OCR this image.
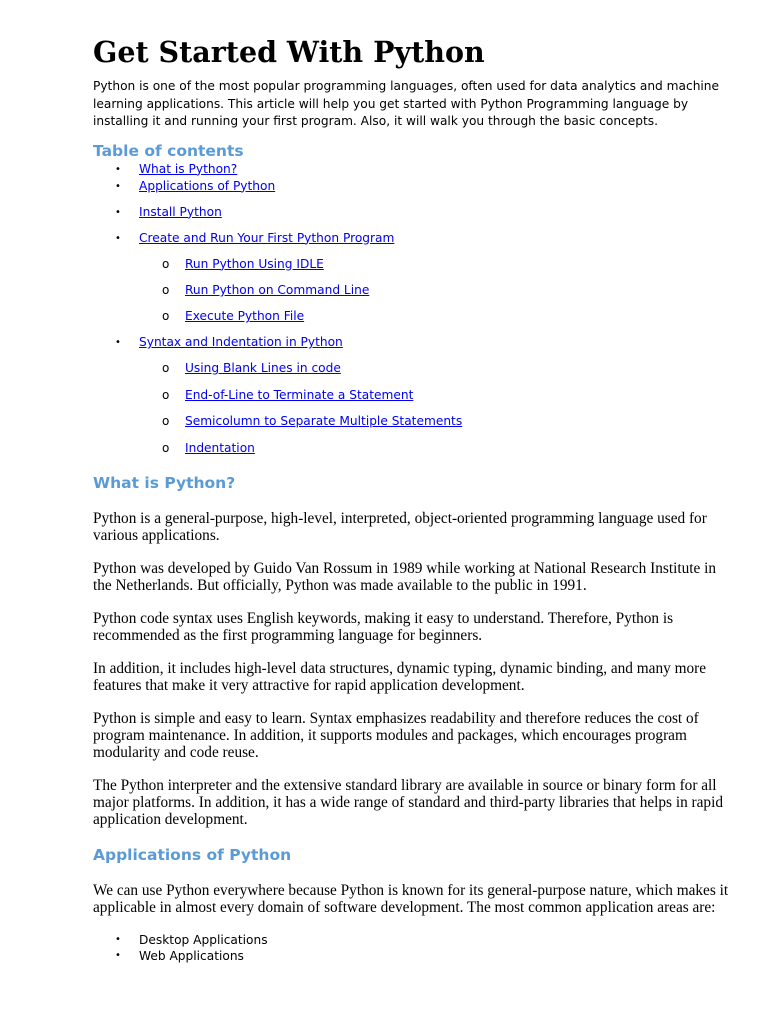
Get Started With Python

Python is one of the most popular programming languages, often used for data analytics and machine learning applications. This article will help you get started with Python Programming language by installing it and running your first program. Also, it will walk you through the basic concepts.

Table of contents
• What is Python?
• Applications of Python
• Install Python
• Create and Run Your First Python Program
o Run Python Using IDLE
o Run Python on Command Line
o Execute Python File
• Syntax and Indentation in Python
o Using Blank Lines in code
o End-of-Line to Terminate a Statement
o Semicolumn to Separate Multiple Statements
o Indentation
What is Python?

Python is a general-purpose, high-level, interpreted, object-oriented programming language used for various applications.

Python was developed by Guido Van Rossum in 1989 while working at National Research Institute in the Netherlands. But officially, Python was made available to the public in 1991.

Python code syntax uses English keywords, making it easy to understand. Therefore, Python is recommended as the first programming language for beginners.

In addition, it includes high-level data structures, dynamic typing, dynamic binding, and many more features that make it very attractive for rapid application development.

Python is simple and easy to learn. Syntax emphasizes readability and therefore reduces the cost of program maintenance. In addition, it supports modules and packages, which encourages program modularity and code reuse.

The Python interpreter and the extensive standard library are available in source or binary form for all major platforms. In addition, it has a wide range of standard and third-party libraries that helps in rapid application development.

Applications of Python

We can use Python everywhere because Python is known for its general-purpose nature, which makes it applicable in almost every domain of software development. The most common application areas are:

• Desktop Applications
• Web Applications
